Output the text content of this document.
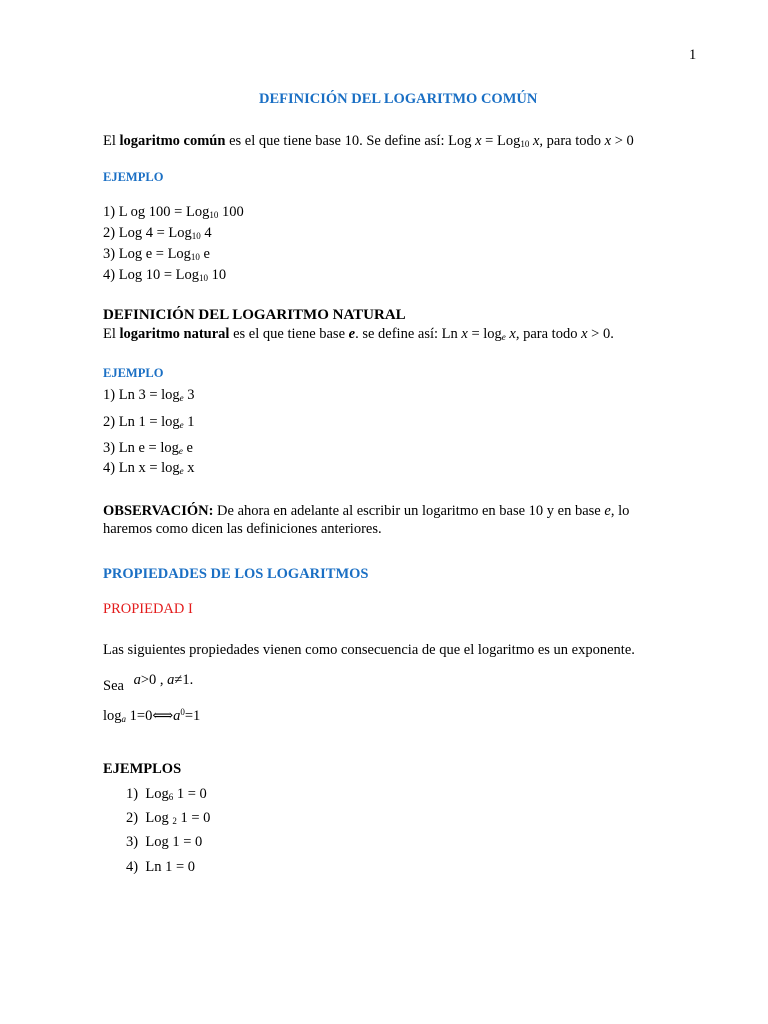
1
DEFINICIÓN DEL LOGARITMO COMÚN
El logaritmo común es el que tiene base 10. Se define así: Log x = Log$_{10}$ x, para todo x > 0
EJEMPLO
1) L og 100 = Log$_{10}$ 100
2) Log 4 = Log$_{10}$ 4
3) Log e = Log$_{10}$ e
4) Log 10 = Log$_{10}$ 10
DEFINICIÓN DEL LOGARITMO NATURAL
El logaritmo natural es el que tiene base e. se define así: Ln $x = \log_e x$, para todo x > 0.
EJEMPLO
1) Ln $3 = \log_e 3$
2) Ln $1 = \log_e 1$
3) Ln $e = \log_e e$
4) Ln $x = \log_e x$
OBSERVACIÓN: De ahora en adelante al escribir un logaritmo en base 10 y en base e, lo
haremos como dicen las definiciones anteriores.
PROPIEDADES DE LOS LOGARITMOS
PROPIEDAD I
Las siguientes propiedades vienen como consecuencia de que el logaritmo es un exponente.
Sea a>0 , a≠1.
$\log_a$ $1=0⟺a^0=1$
EJEMPLOS
1) Log$_6$ 1 = 0
2) Log $_2$ 1 = 0
3) Log 1 = 0
4) Ln 1 = 0
